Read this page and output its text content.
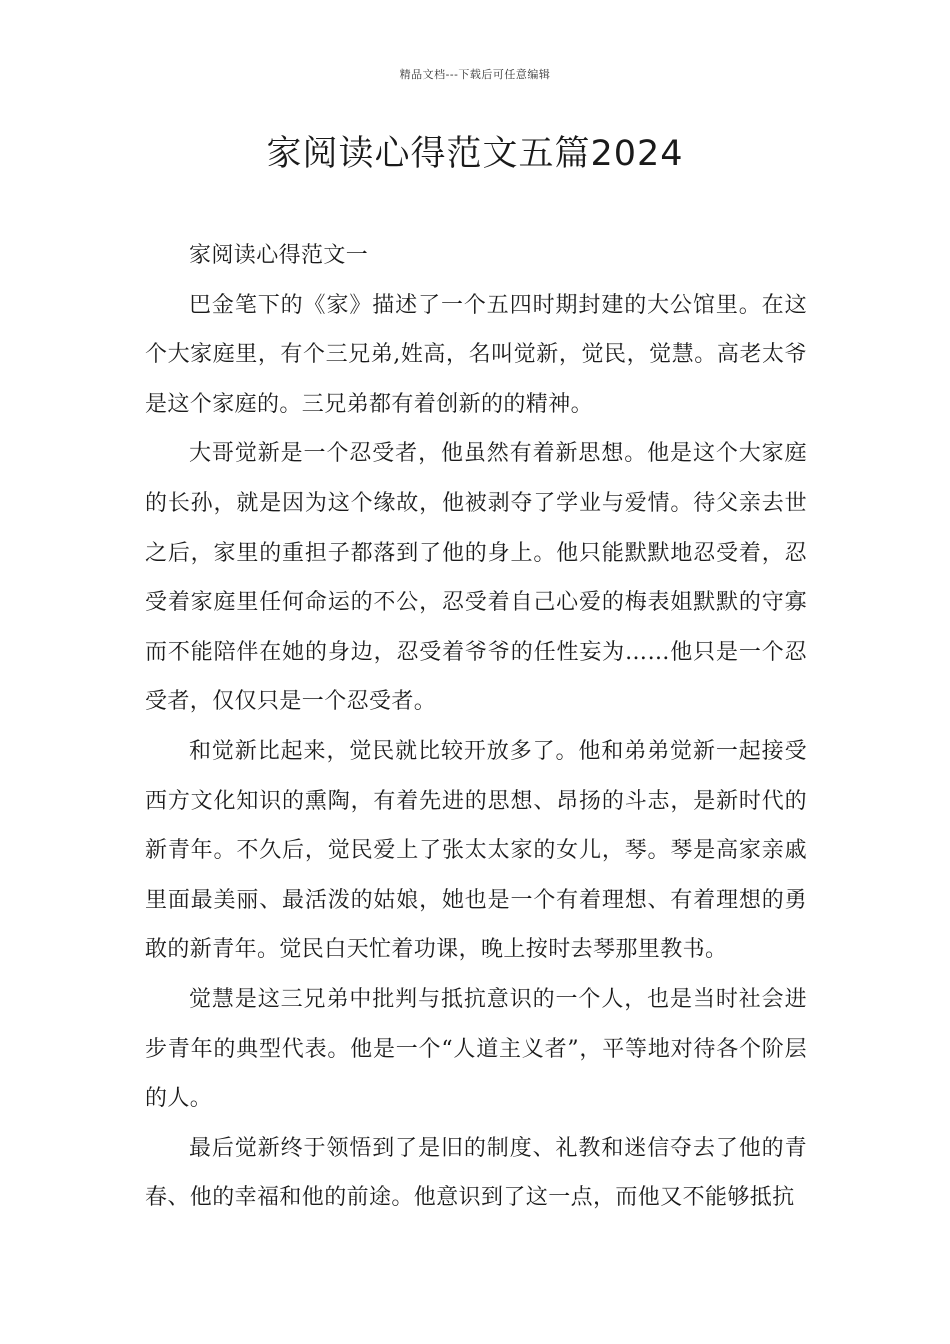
精品文档---下载后可任意编辑
家阅读心得范文五篇2024

家阅读心得范文一

巴金笔下的《家》描述了一个五四时期封建的大公馆里。在这个大家庭里，有个三兄弟,姓高，名叫觉新，觉民，觉慧。高老太爷是这个家庭的。三兄弟都有着创新的的精神。

大哥觉新是一个忍受者，他虽然有着新思想。他是这个大家庭的长孙，就是因为这个缘故，他被剥夺了学业与爱情。待父亲去世之后，家里的重担子都落到了他的身上。他只能默默地忍受着，忍受着家庭里任何命运的不公，忍受着自己心爱的梅表姐默默的守寡而不能陪伴在她的身边，忍受着爷爷的任性妄为……他只是一个忍受者，仅仅只是一个忍受者。

和觉新比起来，觉民就比较开放多了。他和弟弟觉新一起接受西方文化知识的熏陶，有着先进的思想、昂扬的斗志，是新时代的新青年。不久后，觉民爱上了张太太家的女儿，琴。琴是高家亲戚里面最美丽、最活泼的姑娘，她也是一个有着理想、有着理想的勇敢的新青年。觉民白天忙着功课，晚上按时去琴那里教书。

觉慧是这三兄弟中批判与抵抗意识的一个人，也是当时社会进步青年的典型代表。他是一个“人道主义者”，平等地对待各个阶层的人。

最后觉新终于领悟到了是旧的制度、礼教和迷信夺去了他的青春、他的幸福和他的前途。他意识到了这一点，而他又不能够抵抗
